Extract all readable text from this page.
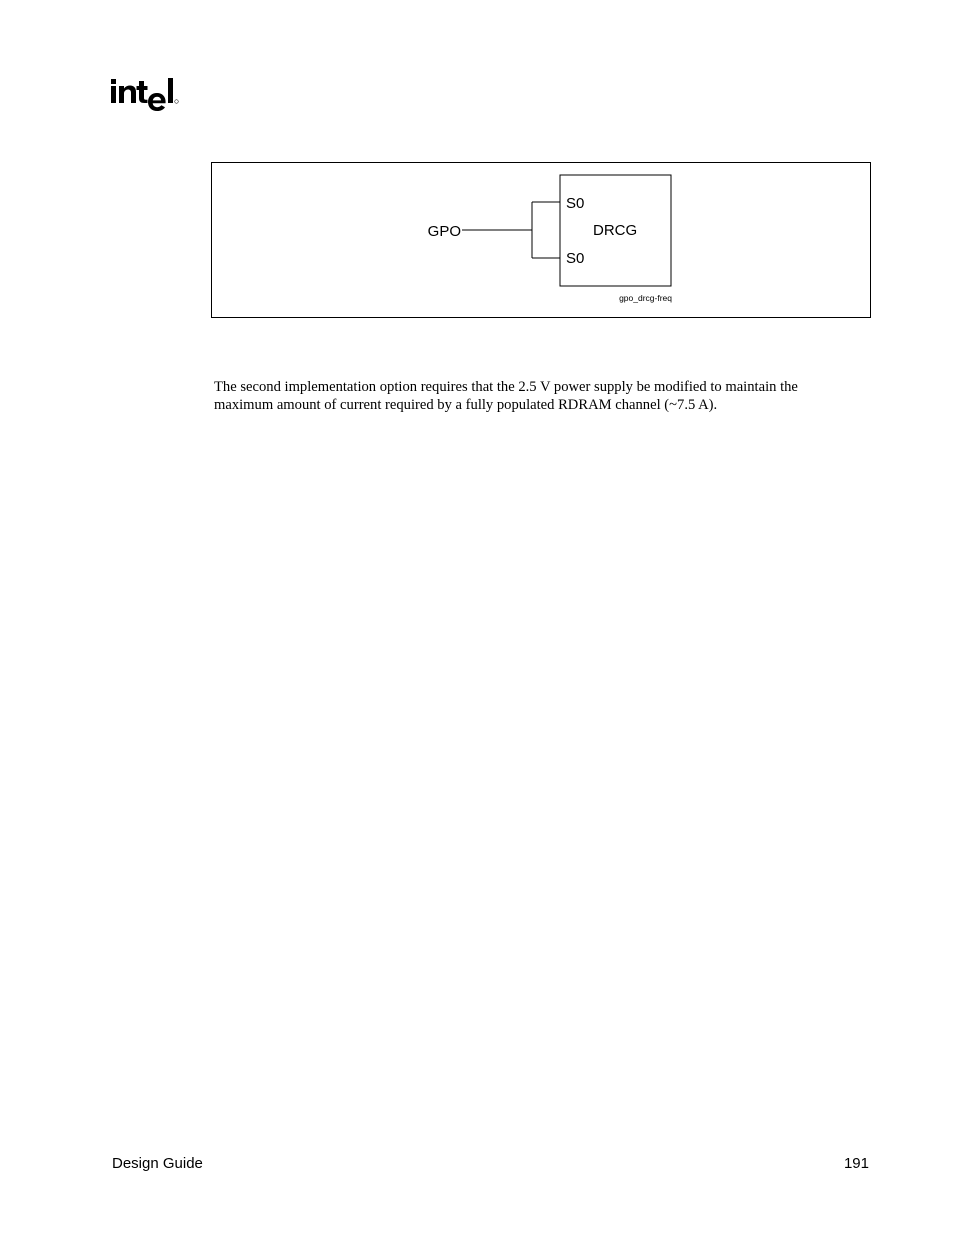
GPO
S0
DRCG
S0
gpo_drcg-freq

The second implementation option requires that the 2.5 V power supply be modified to maintain the maximum amount of current required by a fully populated RDRAM channel (~7.5 A).

Design Guide	191
